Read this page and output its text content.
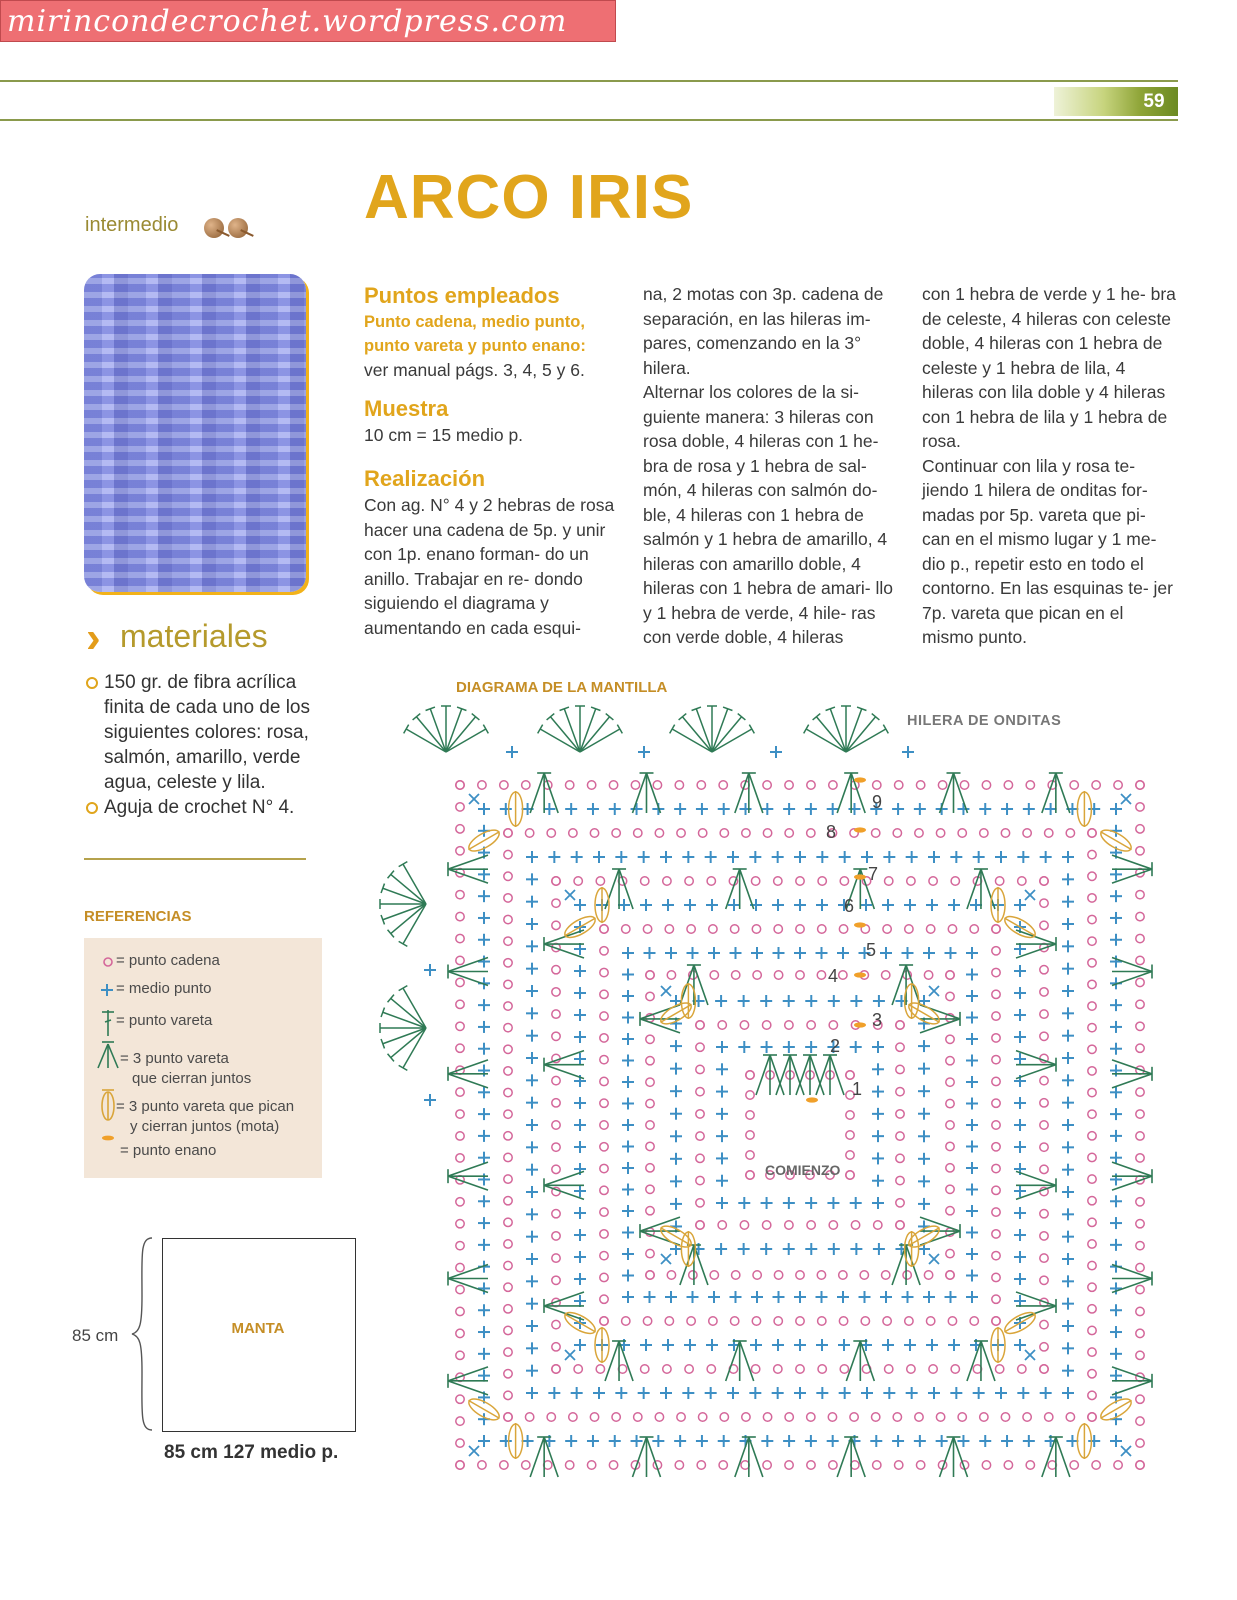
mirincondecrochet.wordpress.com
59
ARCO IRIS
intermedio
› materiales

150 gr. de fibra acrílica finita de cada uno de los siguientes colores: rosa, salmón, amarillo, verde agua, celeste y lila.

Aguja de crochet N° 4.

REFERENCIAS
= punto cadena
= medio punto
= punto vareta
= 3 punto vareta
que cierran juntos
= 3 punto vareta que pican
y cierran juntos (mota)
= punto enano
85 cm	MANTA
85 cm 127 medio p.

Puntos empleados

Punto cadena, medio punto, punto vareta y punto enano:

ver manual págs. 3, 4, 5 y 6.

Muestra

10 cm = 15 medio p.

Realización

Con ag. N° 4 y 2 hebras de rosa hacer una cadena de 5p. y unir con 1p. enano forman- do un anillo. Trabajar en re- dondo siguiendo el diagrama y aumentando en cada esqui-

na, 2 motas con 3p. cadena de separación, en las hileras im- pares, comenzando en la 3° hilera.

Alternar los colores de la si- guiente manera: 3 hileras con rosa doble, 4 hileras con 1 he- bra de rosa y 1 hebra de sal- món, 4 hileras con salmón do- ble, 4 hileras con 1 hebra de salmón y 1 hebra de amarillo, 4 hileras con amarillo doble, 4 hileras con 1 hebra de amari- llo y 1 hebra de verde, 4 hile- ras con verde doble, 4 hileras

con 1 hebra de verde y 1 he- bra de celeste, 4 hileras con celeste doble, 4 hileras con 1 hebra de celeste y 1 hebra de lila, 4 hileras con lila doble y 4 hileras con 1 hebra de lila y 1 hebra de rosa.

Continuar con lila y rosa te- jiendo 1 hilera de onditas for- madas por 5p. vareta que pi- can en el mismo lugar y 1 me- dio p., repetir esto en todo el contorno. En las esquinas te- jer 7p. vareta que pican en el mismo punto.

DIAGRAMA DE LA MANTILLA
HILERA DE ONDITAS
1
2
3
4
5
6
7
8
9
COMIENZO
